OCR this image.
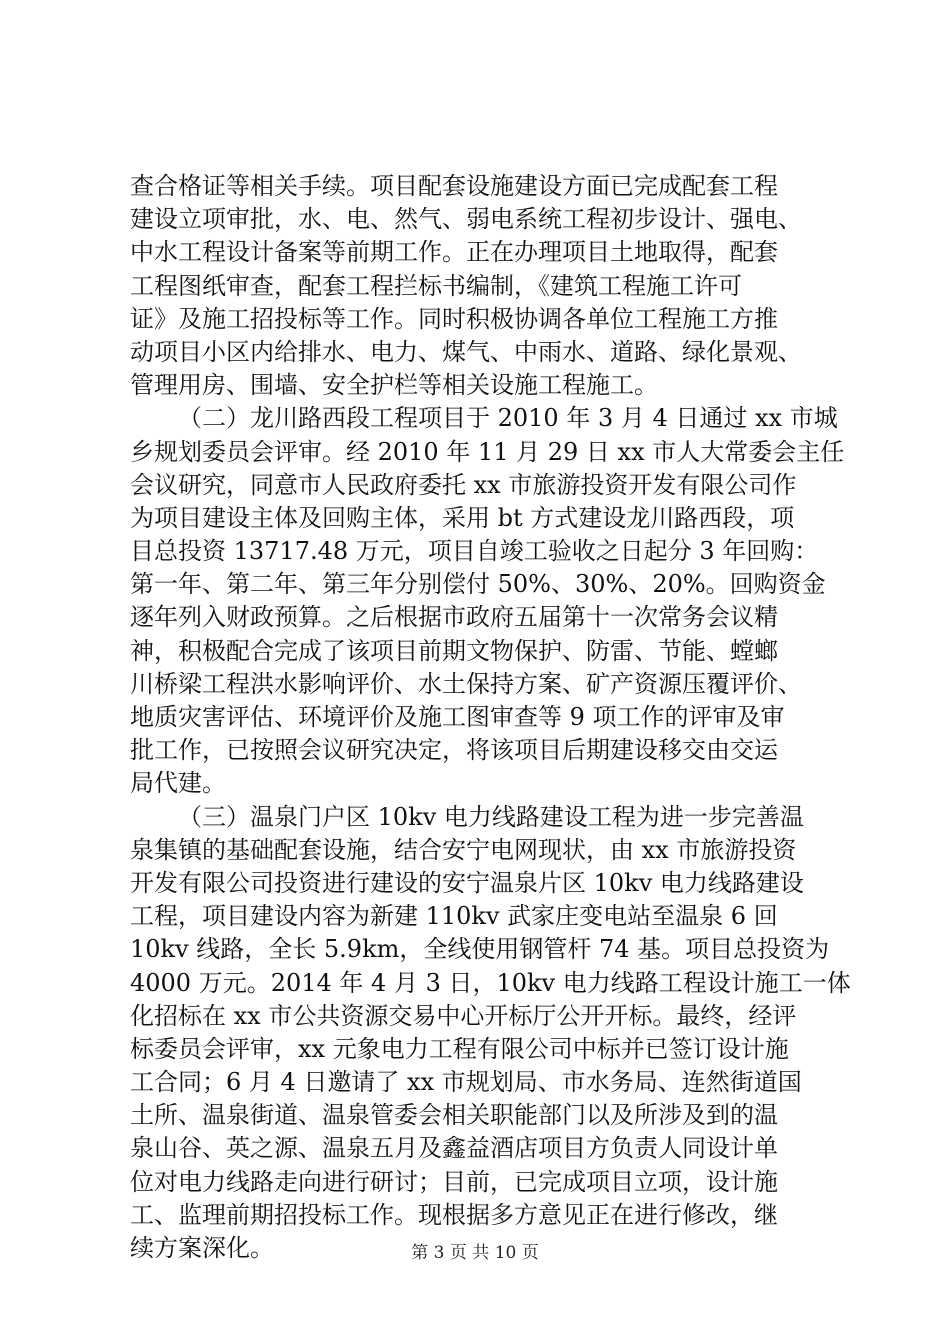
查合格证等相关手续。项目配套设施建设方面已完成配套工程
建设立项审批，水、电、然气、弱电系统工程初步设计、强电、
中水工程设计备案等前期工作。正在办理项目土地取得，配套
工程图纸审查，配套工程拦标书编制，《建筑工程施工许可
证》及施工招投标等工作。同时积极协调各单位工程施工方推
动项目小区内给排水、电力、煤气、中雨水、道路、绿化景观、
管理用房、围墙、安全护栏等相关设施工程施工。
（二）龙川路西段工程项目于 2010 年 3 月 4 日通过 xx 市城
乡规划委员会评审。经 2010 年 11 月 29 日 xx 市人大常委会主任
会议研究，同意市人民政府委托 xx 市旅游投资开发有限公司作
为项目建设主体及回购主体，采用 bt 方式建设龙川路西段，项
目总投资 13717.48 万元，项目自竣工验收之日起分 3 年回购：
第一年、第二年、第三年分别偿付 50%、30%、20%。回购资金
逐年列入财政预算。之后根据市政府五届第十一次常务会议精
神，积极配合完成了该项目前期文物保护、防雷、节能、螳螂
川桥梁工程洪水影响评价、水土保持方案、矿产资源压覆评价、
地质灾害评估、环境评价及施工图审查等 9 项工作的评审及审
批工作，已按照会议研究决定，将该项目后期建设移交由交运
局代建。
（三）温泉门户区 10kv 电力线路建设工程为进一步完善温
泉集镇的基础配套设施，结合安宁电网现状，由 xx 市旅游投资
开发有限公司投资进行建设的安宁温泉片区 10kv 电力线路建设
工程，项目建设内容为新建 110kv 武家庄变电站至温泉 6 回
10kv 线路，全长 5.9km，全线使用钢管杆 74 基。项目总投资为
4000 万元。2014 年 4 月 3 日，10kv 电力线路工程设计施工一体
化招标在 xx 市公共资源交易中心开标厅公开开标。最终，经评
标委员会评审，xx 元象电力工程有限公司中标并已签订设计施
工合同；6 月 4 日邀请了 xx 市规划局、市水务局、连然街道国
土所、温泉街道、温泉管委会相关职能部门以及所涉及到的温
泉山谷、英之源、温泉五月及鑫益酒店项目方负责人同设计单
位对电力线路走向进行研讨；目前，已完成项目立项，设计施
工、监理前期招投标工作。现根据多方意见正在进行修改，继
续方案深化。	第 3 页 共 10 页
